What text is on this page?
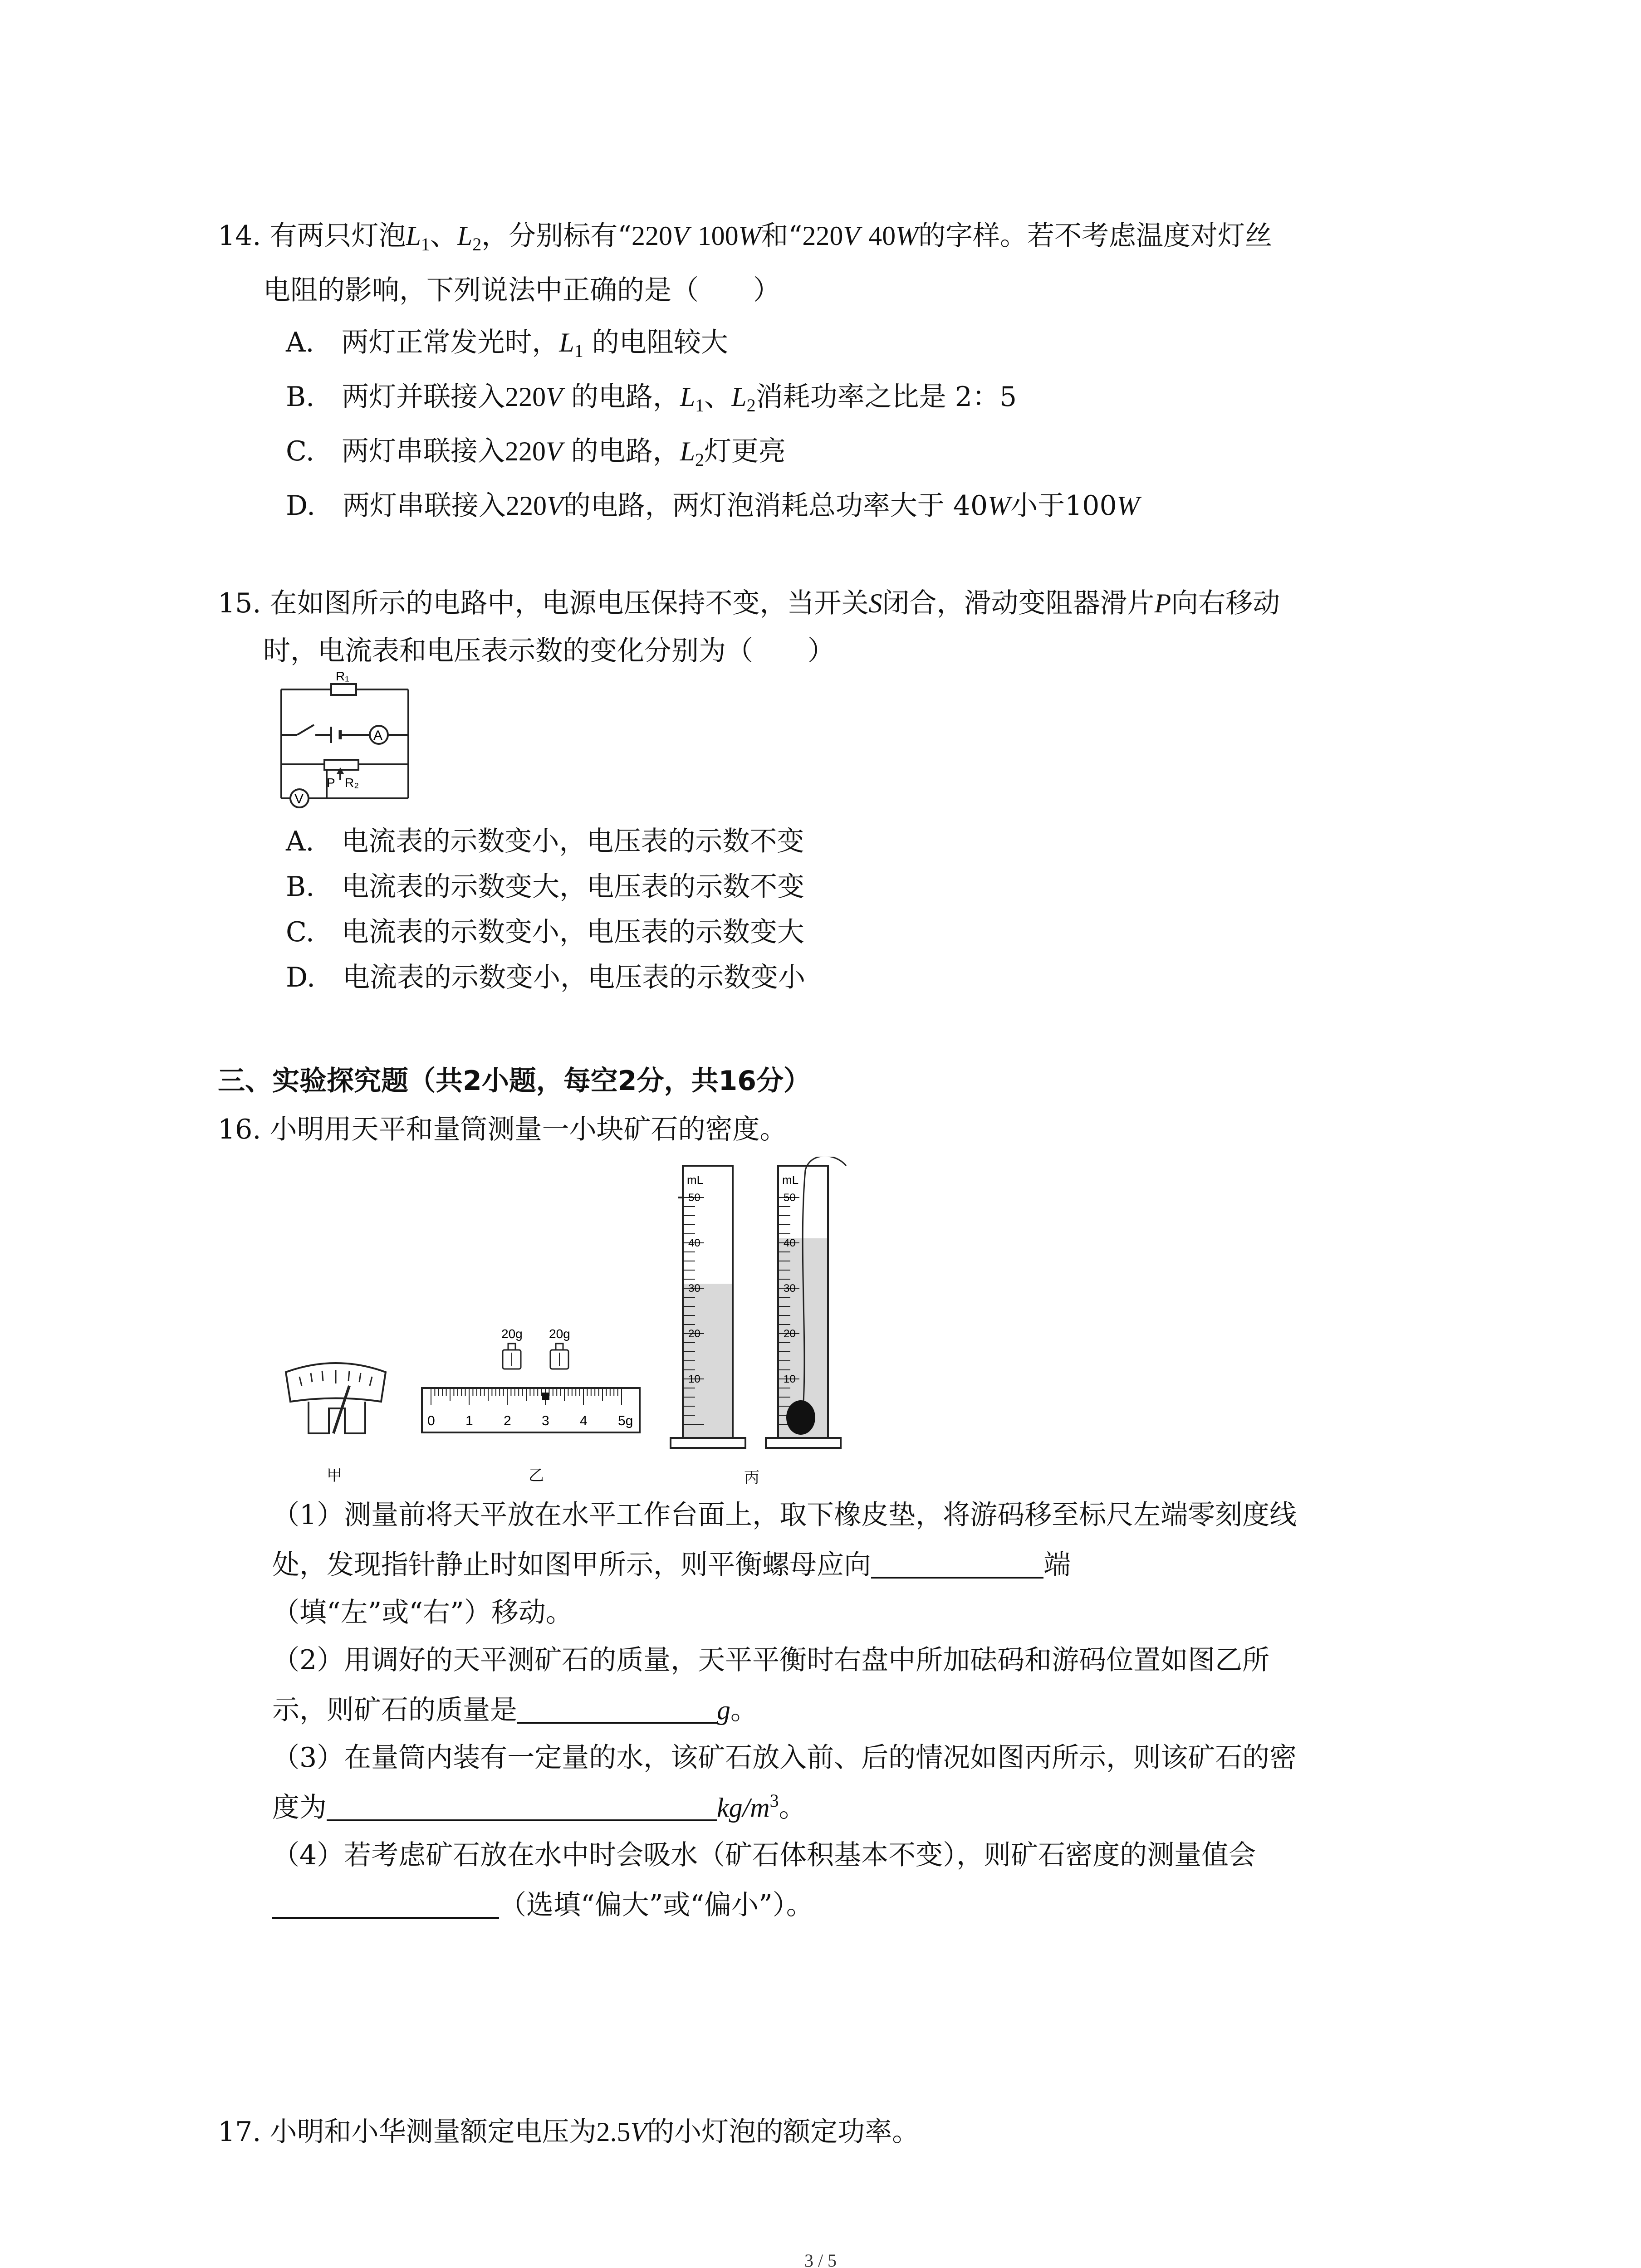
14. 有两只灯泡$L_1$、$L_2$，分别标有“220V 100W和“220V 40W的字样。若不考虑温度对灯丝
电阻的影响，下列说法中正确的是（　　）
A.　两灯正常发光时，$L_1$ 的电阻较大
B.　两灯并联接入220V 的电路，$L_1$、$L_2$消耗功率之比是 2：5
C.　两灯串联接入220V 的电路，$L_2$灯更亮
D.　两灯串联接入220V的电路，两灯泡消耗总功率大于 40W小于100W
15. 在如图所示的电路中，电源电压保持不变，当开关S闭合，滑动变阻器滑片P向右移动
时，电流表和电压表示数的变化分别为（　　）
R₁
A
P R₂
V
A.　电流表的示数变小，电压表的示数不变
B.　电流表的示数变大，电压表的示数不变
C.　电流表的示数变小，电压表的示数变大
D.　电流表的示数变小，电压表的示数变小
三、实验探究题（共2小题，每空2分，共16分）
16. 小明用天平和量筒测量一小块矿石的密度。
甲
20g 20g
0 1 2 3 4 5g
乙
mL
50
40
30
20
10
mL
50
40
30
20
10
丙
（1）测量前将天平放在水平工作台面上，取下橡皮垫，将游码移至标尺左端零刻度线
处，发现指针静止时如图甲所示，则平衡螺母应向	端
（填“左”或“右”）移动。
（2）用调好的天平测矿石的质量，天平平衡时右盘中所加砝码和游码位置如图乙所
示，则矿石的质量是	g。
（3）在量筒内装有一定量的水，该矿石放入前、后的情况如图丙所示，则该矿石的密
度为	$kg/m^3$。
（4）若考虑矿石放在水中时会吸水（矿石体积基本不变），则矿石密度的测量值会
（选填“偏大”或“偏小”）。
17. 小明和小华测量额定电压为2.5V的小灯泡的额定功率。
3 / 5
